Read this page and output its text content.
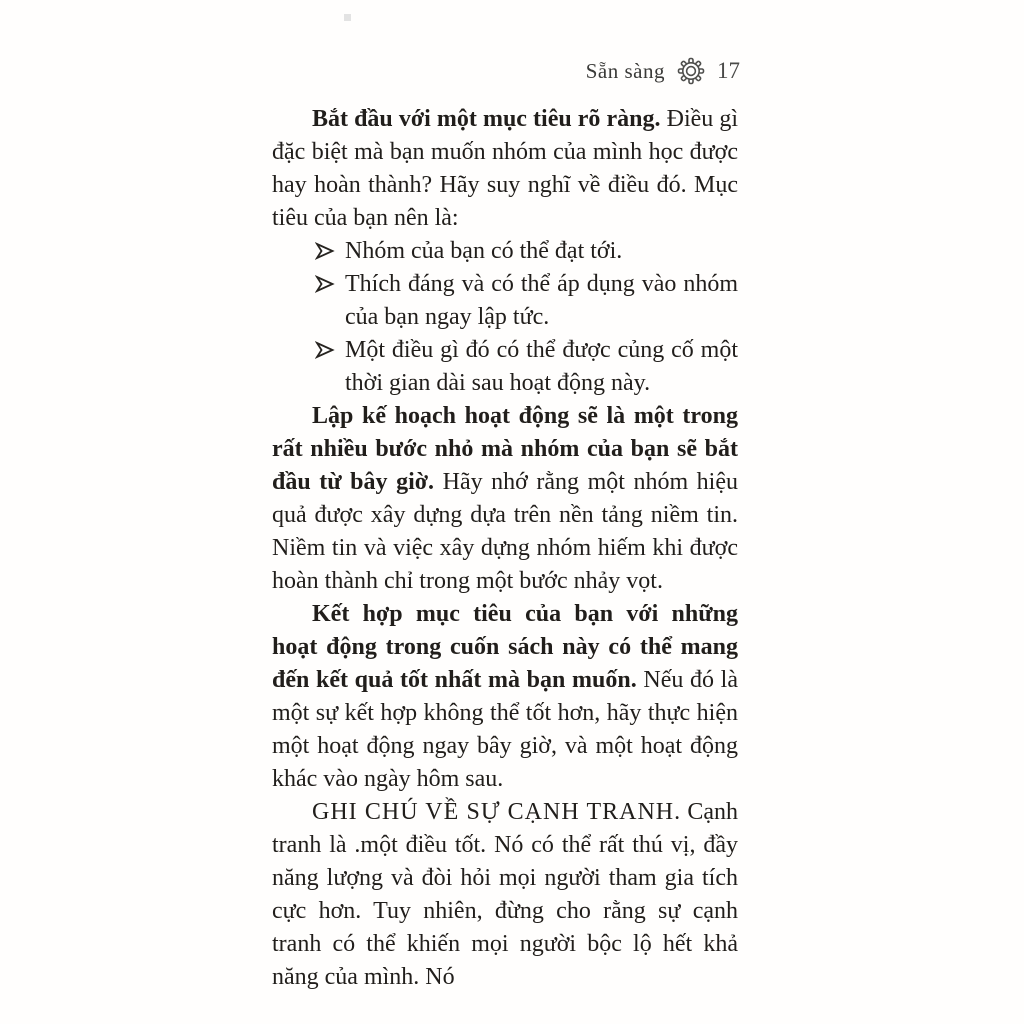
Sẵn sàng 17

Bắt đầu với một mục tiêu rõ ràng. Điều gì đặc biệt mà bạn muốn nhóm của mình học được hay hoàn thành? Hãy suy nghĩ về điều đó. Mục tiêu của bạn nên là:

Nhóm của bạn có thể đạt tới.
Thích đáng và có thể áp dụng vào nhóm của bạn ngay lập tức.
Một điều gì đó có thể được củng cố một thời gian dài sau hoạt động này.

Lập kế hoạch hoạt động sẽ là một trong rất nhiều bước nhỏ mà nhóm của bạn sẽ bắt đầu từ bây giờ. Hãy nhớ rằng một nhóm hiệu quả được xây dựng dựa trên nền tảng niềm tin. Niềm tin và việc xây dựng nhóm hiếm khi được hoàn thành chỉ trong một bước nhảy vọt.

Kết hợp mục tiêu của bạn với những hoạt động trong cuốn sách này có thể mang đến kết quả tốt nhất mà bạn muốn. Nếu đó là một sự kết hợp không thể tốt hơn, hãy thực hiện một hoạt động ngay bây giờ, và một hoạt động khác vào ngày hôm sau.

GHI CHÚ VỀ SỰ CẠNH TRANH. Cạnh tranh là .một điều tốt. Nó có thể rất thú vị, đầy năng lượng và đòi hỏi mọi người tham gia tích cực hơn. Tuy nhiên, đừng cho rằng sự cạnh tranh có thể khiến mọi người bộc lộ hết khả năng của mình. Nó
